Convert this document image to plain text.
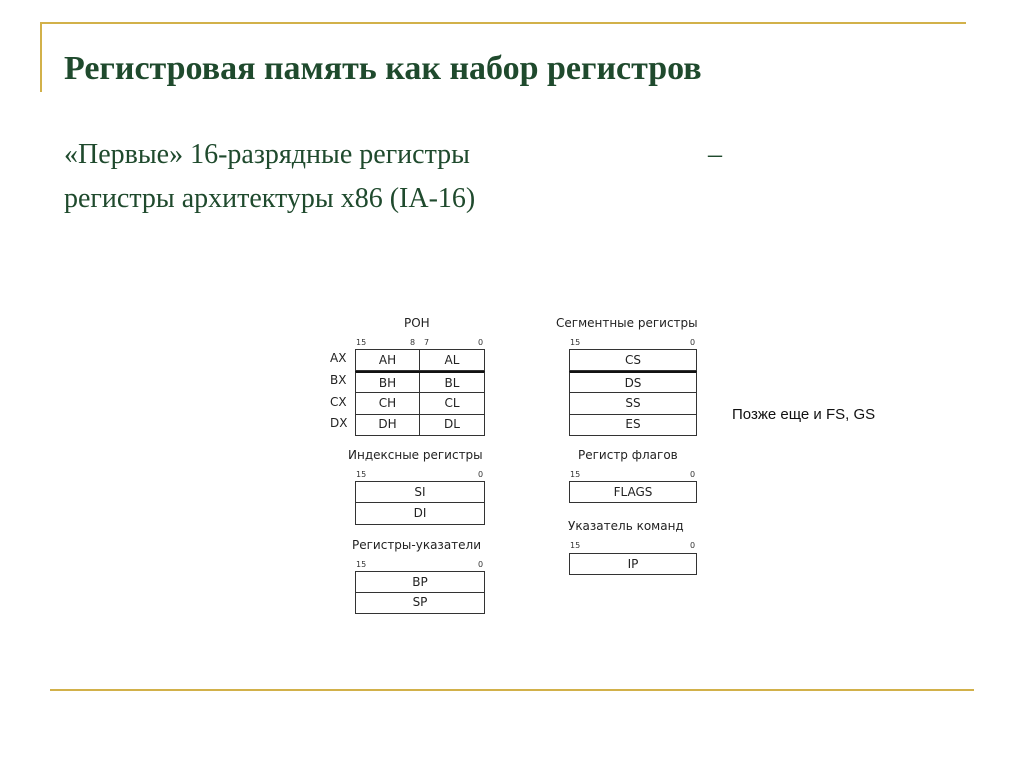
Регистровая память как набор регистров
«Первые» 16-разрядные регистры	–
регистры архитектуры x86 (IA-16)
РОН
15	8 7	0
AX
BX
CX
DX
AH	AL
BH	BL
CH	CL
DH	DL
Индексные регистры
15	0
SI
DI
Регистры-указатели
15	0
BP
SP
Сегментные регистры
15	0
CS
DS
SS
ES
Регистр флагов
15	0
FLAGS
Указатель команд
15	0
IP
Позже еще и FS, GS
